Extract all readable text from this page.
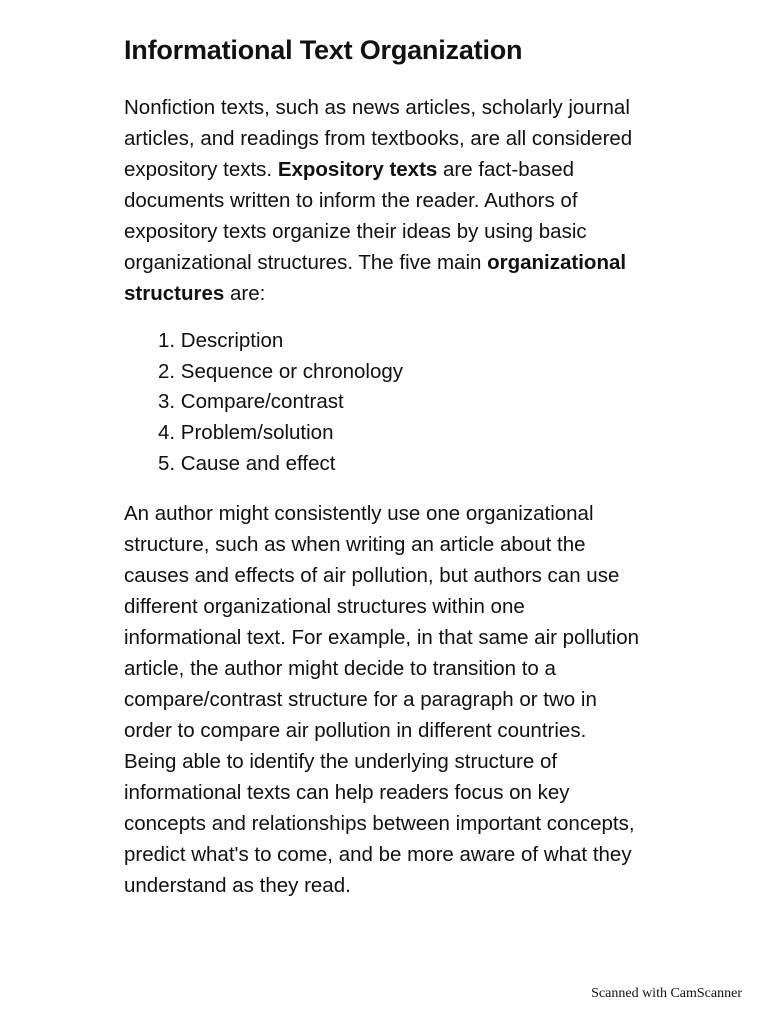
Informational Text Organization

Nonfiction texts, such as news articles, scholarly journal articles, and readings from textbooks, are all considered expository texts. Expository texts are fact-based documents written to inform the reader. Authors of expository texts organize their ideas by using basic organizational structures. The five main organizational structures are:

1. Description
2. Sequence or chronology
3. Compare/contrast
4. Problem/solution
5. Cause and effect

An author might consistently use one organizational structure, such as when writing an article about the causes and effects of air pollution, but authors can use different organizational structures within one informational text. For example, in that same air pollution article, the author might decide to transition to a compare/contrast structure for a paragraph or two in order to compare air pollution in different countries. Being able to identify the underlying structure of informational texts can help readers focus on key concepts and relationships between important concepts, predict what's to come, and be more aware of what they understand as they read.

Scanned with CamScanner
